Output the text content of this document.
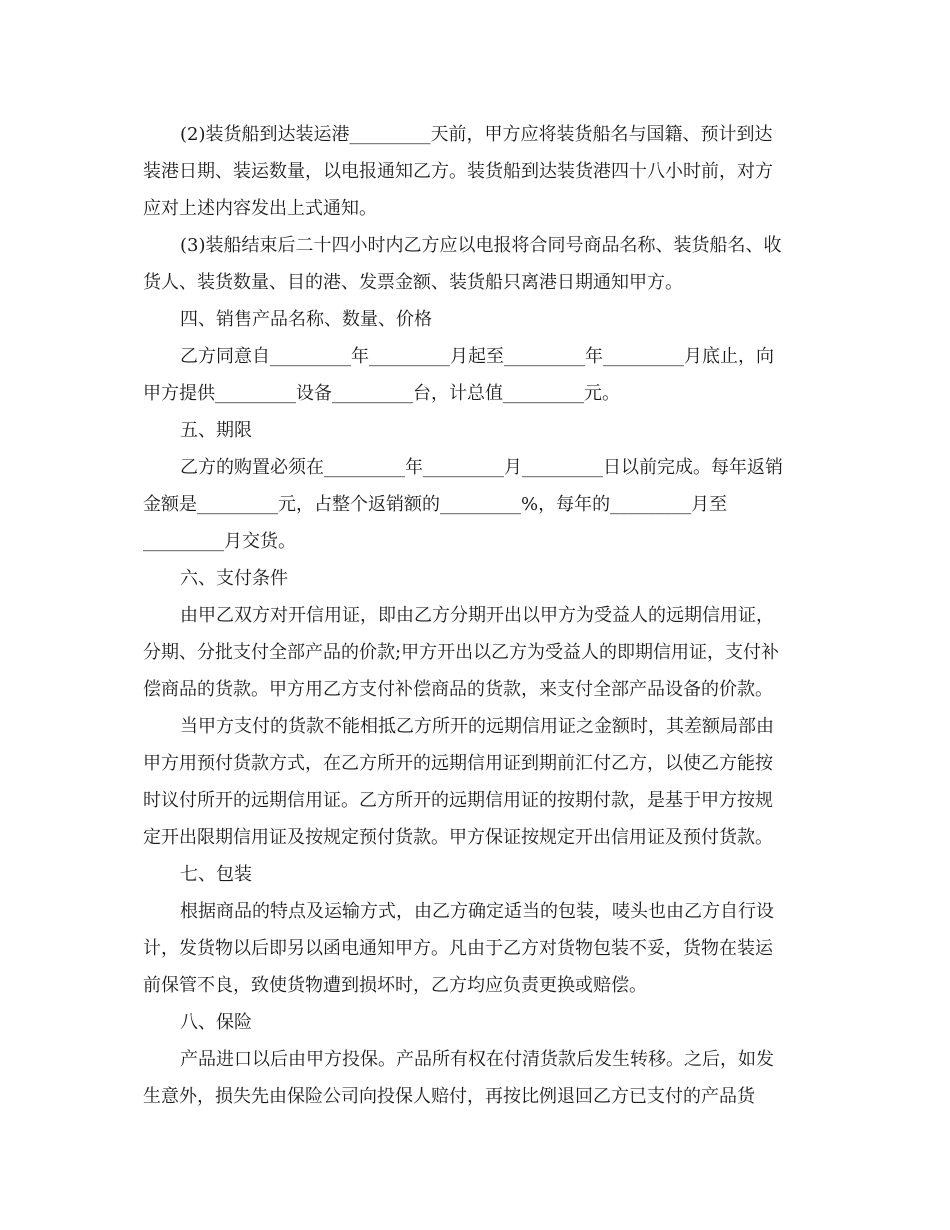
(2)装货船到达装运港_________天前，甲方应将装货船名与国籍、预计到达
装港日期、装运数量，以电报通知乙方。装货船到达装货港四十八小时前，对方
应对上述内容发出上式通知。
(3)装船结束后二十四小时内乙方应以电报将合同号商品名称、装货船名、收
货人、装货数量、目的港、发票金额、装货船只离港日期通知甲方。
四、销售产品名称、数量、价格
乙方同意自_________年_________月起至_________年_________月底止，向
甲方提供_________设备_________台，计总值_________元。
五、期限
乙方的购置必须在_________年_________月_________日以前完成。每年返销
金额是_________元，占整个返销额的_________%，每年的_________月至
_________月交货。
六、支付条件
由甲乙双方对开信用证，即由乙方分期开出以甲方为受益人的远期信用证，
分期、分批支付全部产品的价款;甲方开出以乙方为受益人的即期信用证，支付补
偿商品的货款。甲方用乙方支付补偿商品的货款，来支付全部产品设备的价款。
当甲方支付的货款不能相抵乙方所开的远期信用证之金额时，其差额局部由
甲方用预付货款方式，在乙方所开的远期信用证到期前汇付乙方，以使乙方能按
时议付所开的远期信用证。乙方所开的远期信用证的按期付款，是基于甲方按规
定开出限期信用证及按规定预付货款。甲方保证按规定开出信用证及预付货款。
七、包装
根据商品的特点及运输方式，由乙方确定适当的包装，唛头也由乙方自行设
计，发货物以后即另以函电通知甲方。凡由于乙方对货物包装不妥，货物在装运
前保管不良，致使货物遭到损坏时，乙方均应负责更换或赔偿。
八、保险
产品进口以后由甲方投保。产品所有权在付清货款后发生转移。之后，如发
生意外，损失先由保险公司向投保人赔付，再按比例退回乙方已支付的产品货
